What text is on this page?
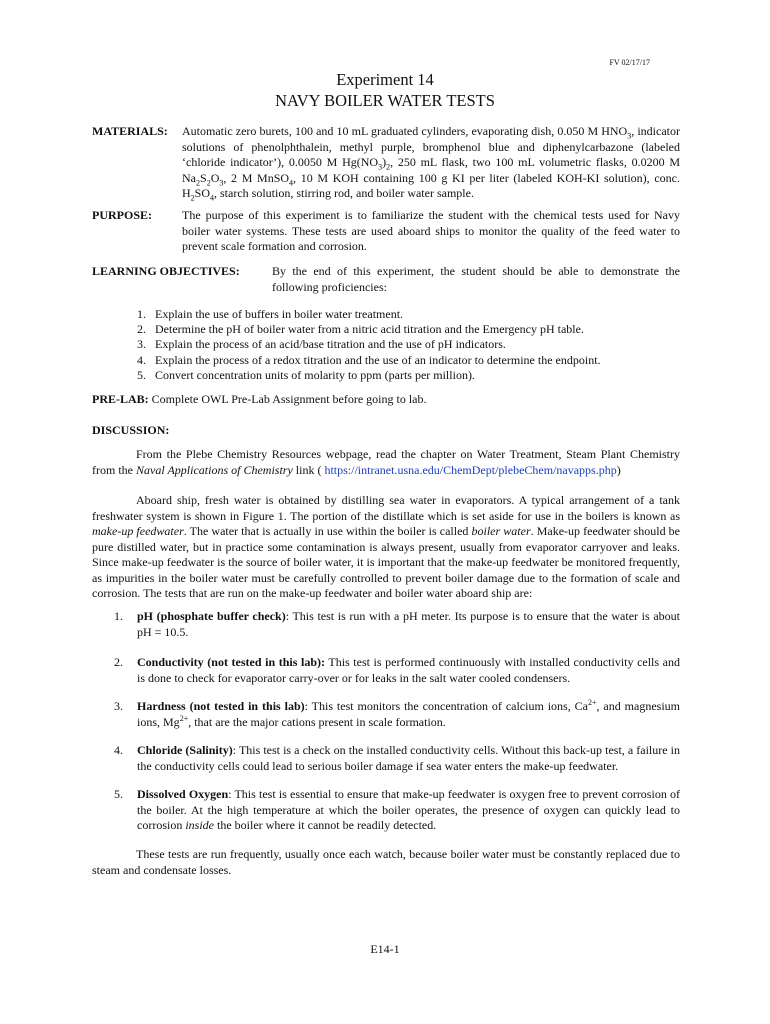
FV 02/17/17
Experiment 14
NAVY BOILER WATER TESTS
MATERIALS: Automatic zero burets, 100 and 10 mL graduated cylinders, evaporating dish, 0.050 M $HNO_3$, indicator solutions of phenolphthalein, methyl purple, bromphenol blue and diphenylcarbazone (labeled ‘chloride indicator’), 0.0050 M $Hg(NO_3)_2$, 250 mL flask, two 100 mL volumetric flasks, 0.0200 M $Na_2S_2O_3$, 2 M MnSO$_4$, 10 M KOH containing 100 g KI per liter (labeled KOH-KI solution), conc. $H_2SO_4$, starch solution, stirring rod, and boiler water sample.
PURPOSE:	The purpose of this experiment is to familiarize the student with the chemical tests used for Navy boiler water systems. These tests are used aboard ships to monitor the quality of the feed water to prevent scale formation and corrosion.
LEARNING OBJECTIVES:	By the end of this experiment, the student should be able to demonstrate the following proficiencies:
1. Explain the use of buffers in boiler water treatment.
2. Determine the pH of boiler water from a nitric acid titration and the Emergency pH table.
3. Explain the process of an acid/base titration and the use of pH indicators.
4. Explain the process of a redox titration and the use of an indicator to determine the endpoint.
5. Convert concentration units of molarity to ppm (parts per million).
PRE-LAB: Complete OWL Pre-Lab Assignment before going to lab.
DISCUSSION:
From the Plebe Chemistry Resources webpage, read the chapter on Water Treatment, Steam Plant Chemistry from the Naval Applications of Chemistry link ( https://intranet.usna.edu/ChemDept/plebeChem/navapps.php)
Aboard ship, fresh water is obtained by distilling sea water in evaporators. A typical arrangement of a tank freshwater system is shown in Figure 1. The portion of the distillate which is set aside for use in the boilers is known as make-up feedwater. The water that is actually in use within the boiler is called boiler water. Make-up feedwater should be pure distilled water, but in practice some contamination is always present, usually from evaporator carryover and leaks. Since make-up feedwater is the source of boiler water, it is important that the make-up feedwater be monitored frequently, as impurities in the boiler water must be carefully controlled to prevent boiler damage due to the formation of scale and corrosion. The tests that are run on the make-up feedwater and boiler water aboard ship are:
1. pH (phosphate buffer check): This test is run with a pH meter. Its purpose is to ensure that the water is about pH = 10.5.
2. Conductivity (not tested in this lab): This test is performed continuously with installed conductivity cells and is done to check for evaporator carry-over or for leaks in the salt water cooled condensers.
3. Hardness (not tested in this lab): This test monitors the concentration of calcium ions, $Ca^{2+}$, and magnesium ions, $Mg^{2+}$, that are the major cations present in scale formation.
4. Chloride (Salinity): This test is a check on the installed conductivity cells. Without this back-up test, a failure in the conductivity cells could lead to serious boiler damage if sea water enters the make-up feedwater.
5. Dissolved Oxygen: This test is essential to ensure that make-up feedwater is oxygen free to prevent corrosion of the boiler. At the high temperature at which the boiler operates, the presence of oxygen can quickly lead to corrosion inside the boiler where it cannot be readily detected.
These tests are run frequently, usually once each watch, because boiler water must be constantly replaced due to steam and condensate losses.
E14-1
